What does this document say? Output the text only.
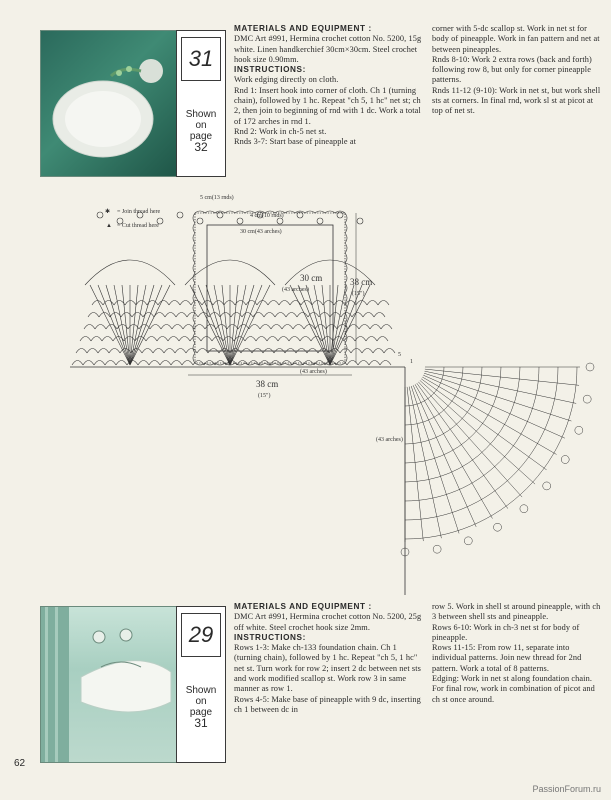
31
Shown
on
page
32

MATERIALS AND EQUIPMENT :

DMC Art #991, Hermina crochet cotton No. 5200, 15g white. Linen handkerchief 30cm×30cm. Steel crochet hook size 0.90mm.

INSTRUCTIONS:

Work edging directly on cloth.

Rnd 1: Insert hook into corner of cloth. Ch 1 (turning chain), followed by 1 hc. Repeat "ch 5, 1 hc" net st; ch 2, then join to beginning of rnd with 1 dc. Work a total of 172 arches in rnd 1.

Rnd 2: Work in ch-5 net st.

Rnds 3-7: Start base of pineapple at

corner with 5-dc scallop st. Work in net st for body of pineapple. Work in fan pattern and net at between pineapples.

Rnds 8-10: Work 2 extra rows (back and forth) following row 8, but only for corner pineapple patterns.

Rnds 11-12 (9-10): Work in net st, but work shell sts at corners. In final rnd, work sl st at picot at top of net st.

(43 arches)
(43 arches)
5
1
5 cm(13 rnds)
4 cm(10 rnds)
30 cm(43 arches)
30 cm
(43 arches)
38 cm
(15")
38 cm
(15")
✱ = Join thread here
▲ = Cut thread here
29
Shown
on
page
31

MATERIALS AND EQUIPMENT :

DMC Art #991, Hermina crochet cotton No. 5200, 25g off white. Steel crochet hook size 2mm.

INSTRUCTIONS:

Rows 1-3: Make ch-133 foundation chain. Ch 1 (turning chain), followed by 1 hc. Repeat "ch 5, 1 hc" net st. Turn work for row 2; insert 2 dc between net sts and work modified scallop st. Work row 3 in same manner as row 1.

Rows 4-5: Make base of pineapple with 9 dc, inserting ch 1 between dc in

row 5. Work in shell st around pineapple, with ch 3 between shell sts and pineapple.

Rows 6-10: Work in ch-3 net st for body of pineapple.

Rows 11-15: From row 11, separate into individual patterns. Join new thread for 2nd pattern. Work a total of 8 patterns.

Edging: Work in net st along foundation chain. For final row, work in combination of picot and ch st once around.

62
PassionForum.ru
